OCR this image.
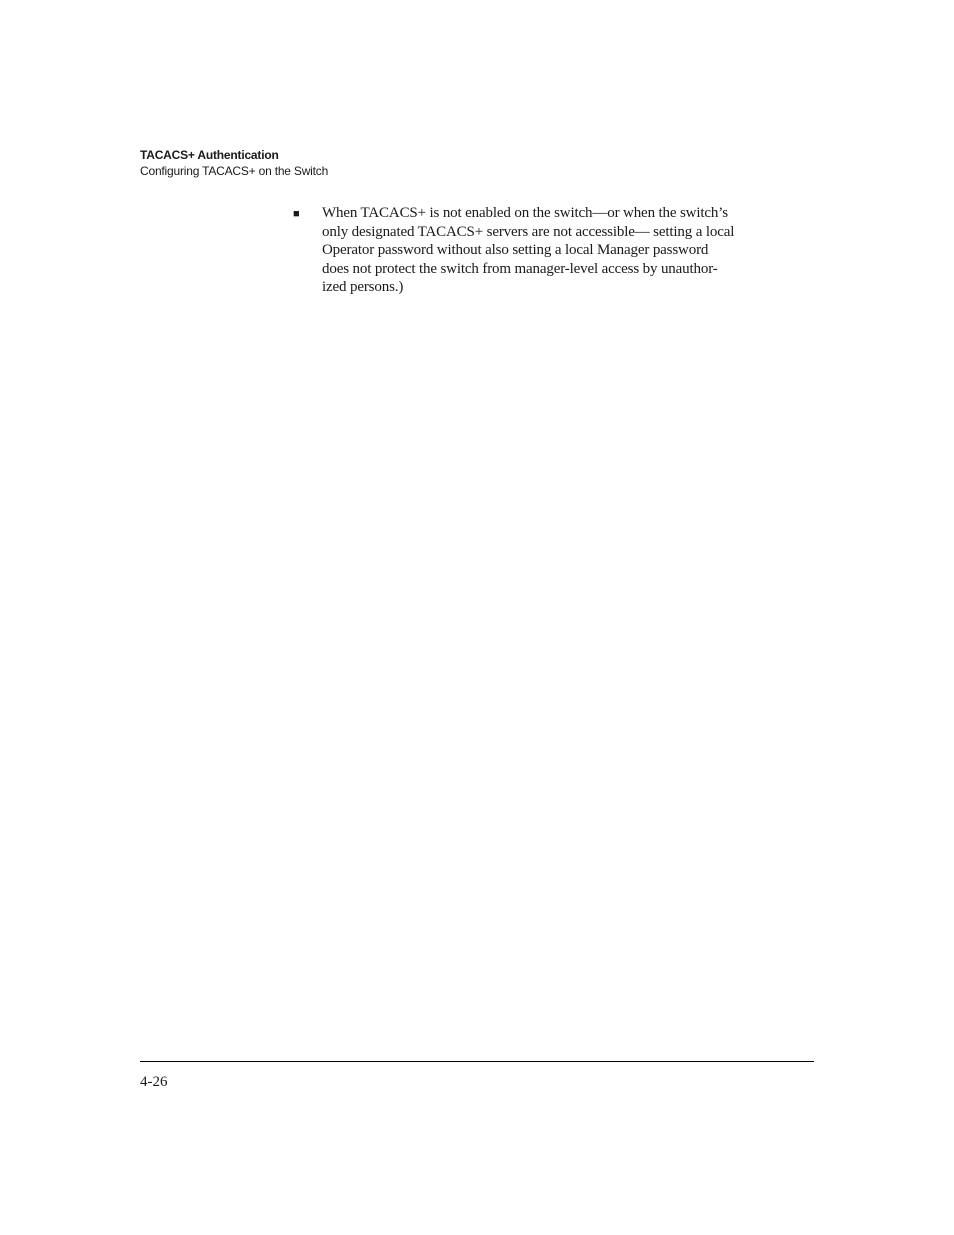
TACACS+ Authentication
Configuring TACACS+ on the Switch
■	When TACACS+ is not enabled on the switch—or when the switch’s
only designated TACACS+ servers are not accessible— setting a local
Operator password without also setting a local Manager password
does not protect the switch from manager-level access by unauthor-
ized persons.)
4-26
